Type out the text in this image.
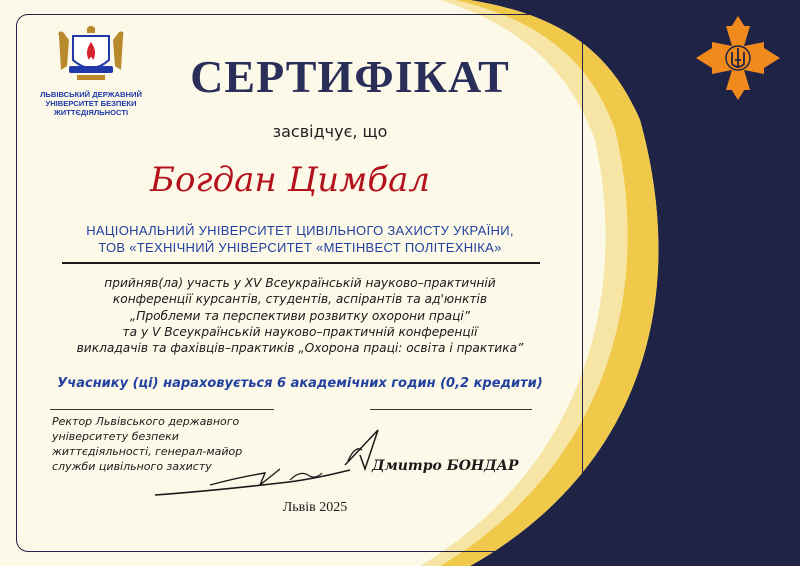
ЛЬВІВСЬКИЙ ДЕРЖАВНИЙ
УНІВЕРСИТЕТ БЕЗПЕКИ
ЖИТТЄДІЯЛЬНОСТІ
СЕРТИФІКАТ
засвідчує, що
Богдан Цимбал
НАЦІОНАЛЬНИЙ УНІВЕРСИТЕТ ЦИВІЛЬНОГО ЗАХИСТУ УКРАЇНИ,
ТОВ «ТЕХНІЧНИЙ УНІВЕРСИТЕТ «МЕТІНВЕСТ ПОЛІТЕХНІКА»
прийняв(ла) участь у XV Всеукраїнській науково–практичній
конференції курсантів, студентів, аспірантів та ад'юнктів
„Проблеми та перспективи розвитку охорони праці”
та у V Всеукраїнській науково–практичній конференції
викладачів та фахівців–практиків „Охорона праці: освіта і практика”
Учаснику (ці) нараховується 6 академічних годин (0,2 кредити)
Ректор Львівського державного
університету безпеки
життєдіяльності, генерал-майор
служби цивільного захисту	Дмитро БОНДАР
Львів 2025
